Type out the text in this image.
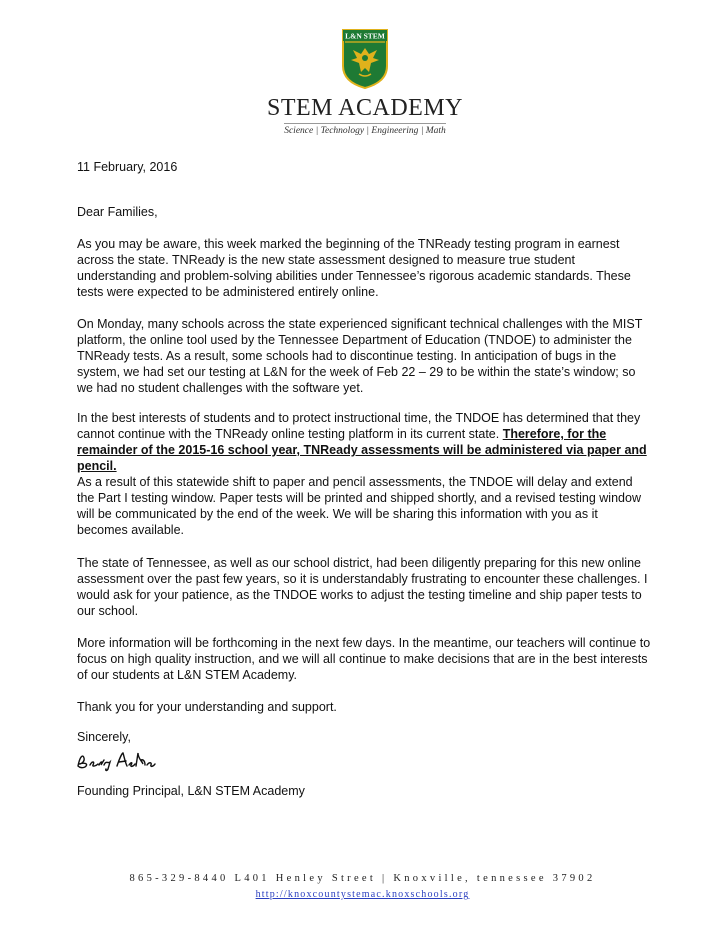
L&N STEM
STEM ACADEMY
Science | Technology | Engineering | Math
11 February, 2016
Dear Families,

As you may be aware, this week marked the beginning of the TNReady testing program in earnest across the state. TNReady is the new state assessment designed to measure true student understanding and problem-solving abilities under Tennessee’s rigorous academic standards. These tests were expected to be administered entirely online.

On Monday, many schools across the state experienced significant technical challenges with the MIST platform, the online tool used by the Tennessee Department of Education (TNDOE) to administer the TNReady tests. As a result, some schools had to discontinue testing. In anticipation of bugs in the system, we had set our testing at L&N for the week of Feb 22 – 29 to be within the state’s window; so we had no student challenges with the software yet.

In the best interests of students and to protect instructional time, the TNDOE has determined that they cannot continue with the TNReady online testing platform in its current state. Therefore, for the remainder of the 2015-16 school year, TNReady assessments will be administered via paper and pencil.

As a result of this statewide shift to paper and pencil assessments, the TNDOE will delay and extend the Part I testing window. Paper tests will be printed and shipped shortly, and a revised testing window will be communicated by the end of the week. We will be sharing this information with you as it becomes available.

The state of Tennessee, as well as our school district, had been diligently preparing for this new online assessment over the past few years, so it is understandably frustrating to encounter these challenges. I would ask for your patience, as the TNDOE works to adjust the testing timeline and ship paper tests to our school.

More information will be forthcoming in the next few days. In the meantime, our teachers will continue to focus on high quality instruction, and we will all continue to make decisions that are in the best interests of our students at L&N STEM Academy.

Thank you for your understanding and support.

Sincerely,
Founding Principal, L&N STEM Academy
865-329-8440 L401 Henley Street | Knoxville, tennessee 37902
http://knoxcountystemac.knoxschools.org
